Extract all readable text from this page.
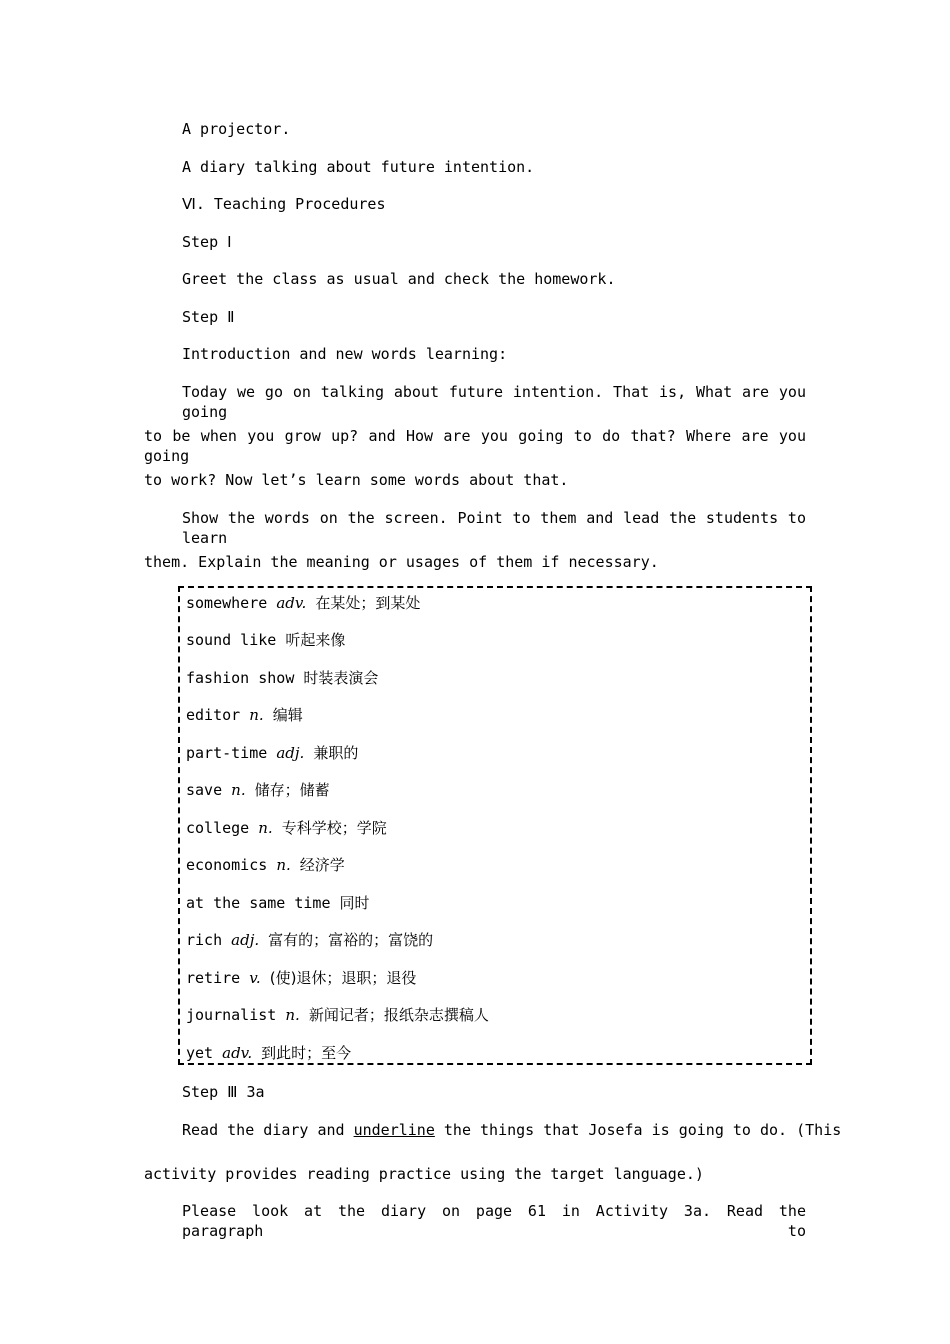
A projector.

A diary talking about future intention.

Ⅵ. Teaching Procedures

Step Ⅰ

Greet the class as usual and check the homework.

Step Ⅱ

Introduction and new words learning:

Today we go on talking about future intention. That is, What are you going

to be when you grow up? and How are you going to do that? Where are you going

to work? Now let’s learn some words about that.

Show the words on the screen. Point to them and lead the students to learn

them. Explain the meaning or usages of them if necessary.

somewhere adv. 在某处；到某处
sound like 听起来像
fashion show 时装表演会
editor n. 编辑
part-time adj. 兼职的
save n. 储存；储蓄
college n. 专科学校；学院
economics n. 经济学
at the same time 同时
rich adj. 富有的；富裕的；富饶的
retire v. (使)退休；退职；退役
journalist n. 新闻记者；报纸杂志撰稿人
yet adv. 到此时；至今

Step Ⅲ 3a

Read the diary and underline the things that Josefa is going to do. (This

activity provides reading practice using the target language.)

Please look at the diary on page 61 in Activity 3a. Read the paragraph to
